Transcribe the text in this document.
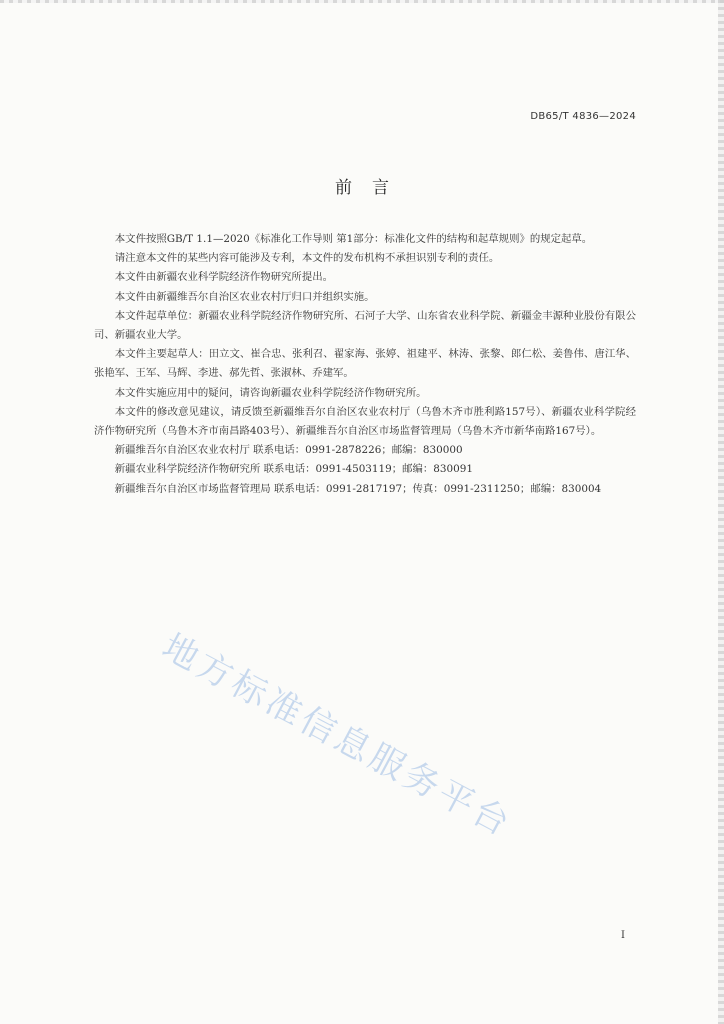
DB65/T 4836—2024
前言

本文件按照GB/T 1.1—2020《标准化工作导则 第1部分：标准化文件的结构和起草规则》的规定起草。

请注意本文件的某些内容可能涉及专利，本文件的发布机构不承担识别专利的责任。

本文件由新疆农业科学院经济作物研究所提出。

本文件由新疆维吾尔自治区农业农村厅归口并组织实施。

本文件起草单位：新疆农业科学院经济作物研究所、石河子大学、山东省农业科学院、新疆金丰源种业股份有限公司、新疆农业大学。

本文件主要起草人：田立文、崔合忠、张利召、翟家海、张婷、祖建平、林涛、张黎、郎仁松、姜鲁伟、唐江华、张艳军、王军、马辉、李进、郝先哲、张淑林、乔建军。

本文件实施应用中的疑问，请咨询新疆农业科学院经济作物研究所。

本文件的修改意见建议，请反馈至新疆维吾尔自治区农业农村厅（乌鲁木齐市胜利路157号）、新疆农业科学院经济作物研究所（乌鲁木齐市南昌路403号）、新疆维吾尔自治区市场监督管理局（乌鲁木齐市新华南路167号）。

新疆维吾尔自治区农业农村厅 联系电话：0991-2878226；邮编：830000

新疆农业科学院经济作物研究所 联系电话：0991-4503119；邮编：830091

新疆维吾尔自治区市场监督管理局 联系电话：0991-2817197；传真：0991-2311250；邮编：830004

地方标准信息服务平台
I
